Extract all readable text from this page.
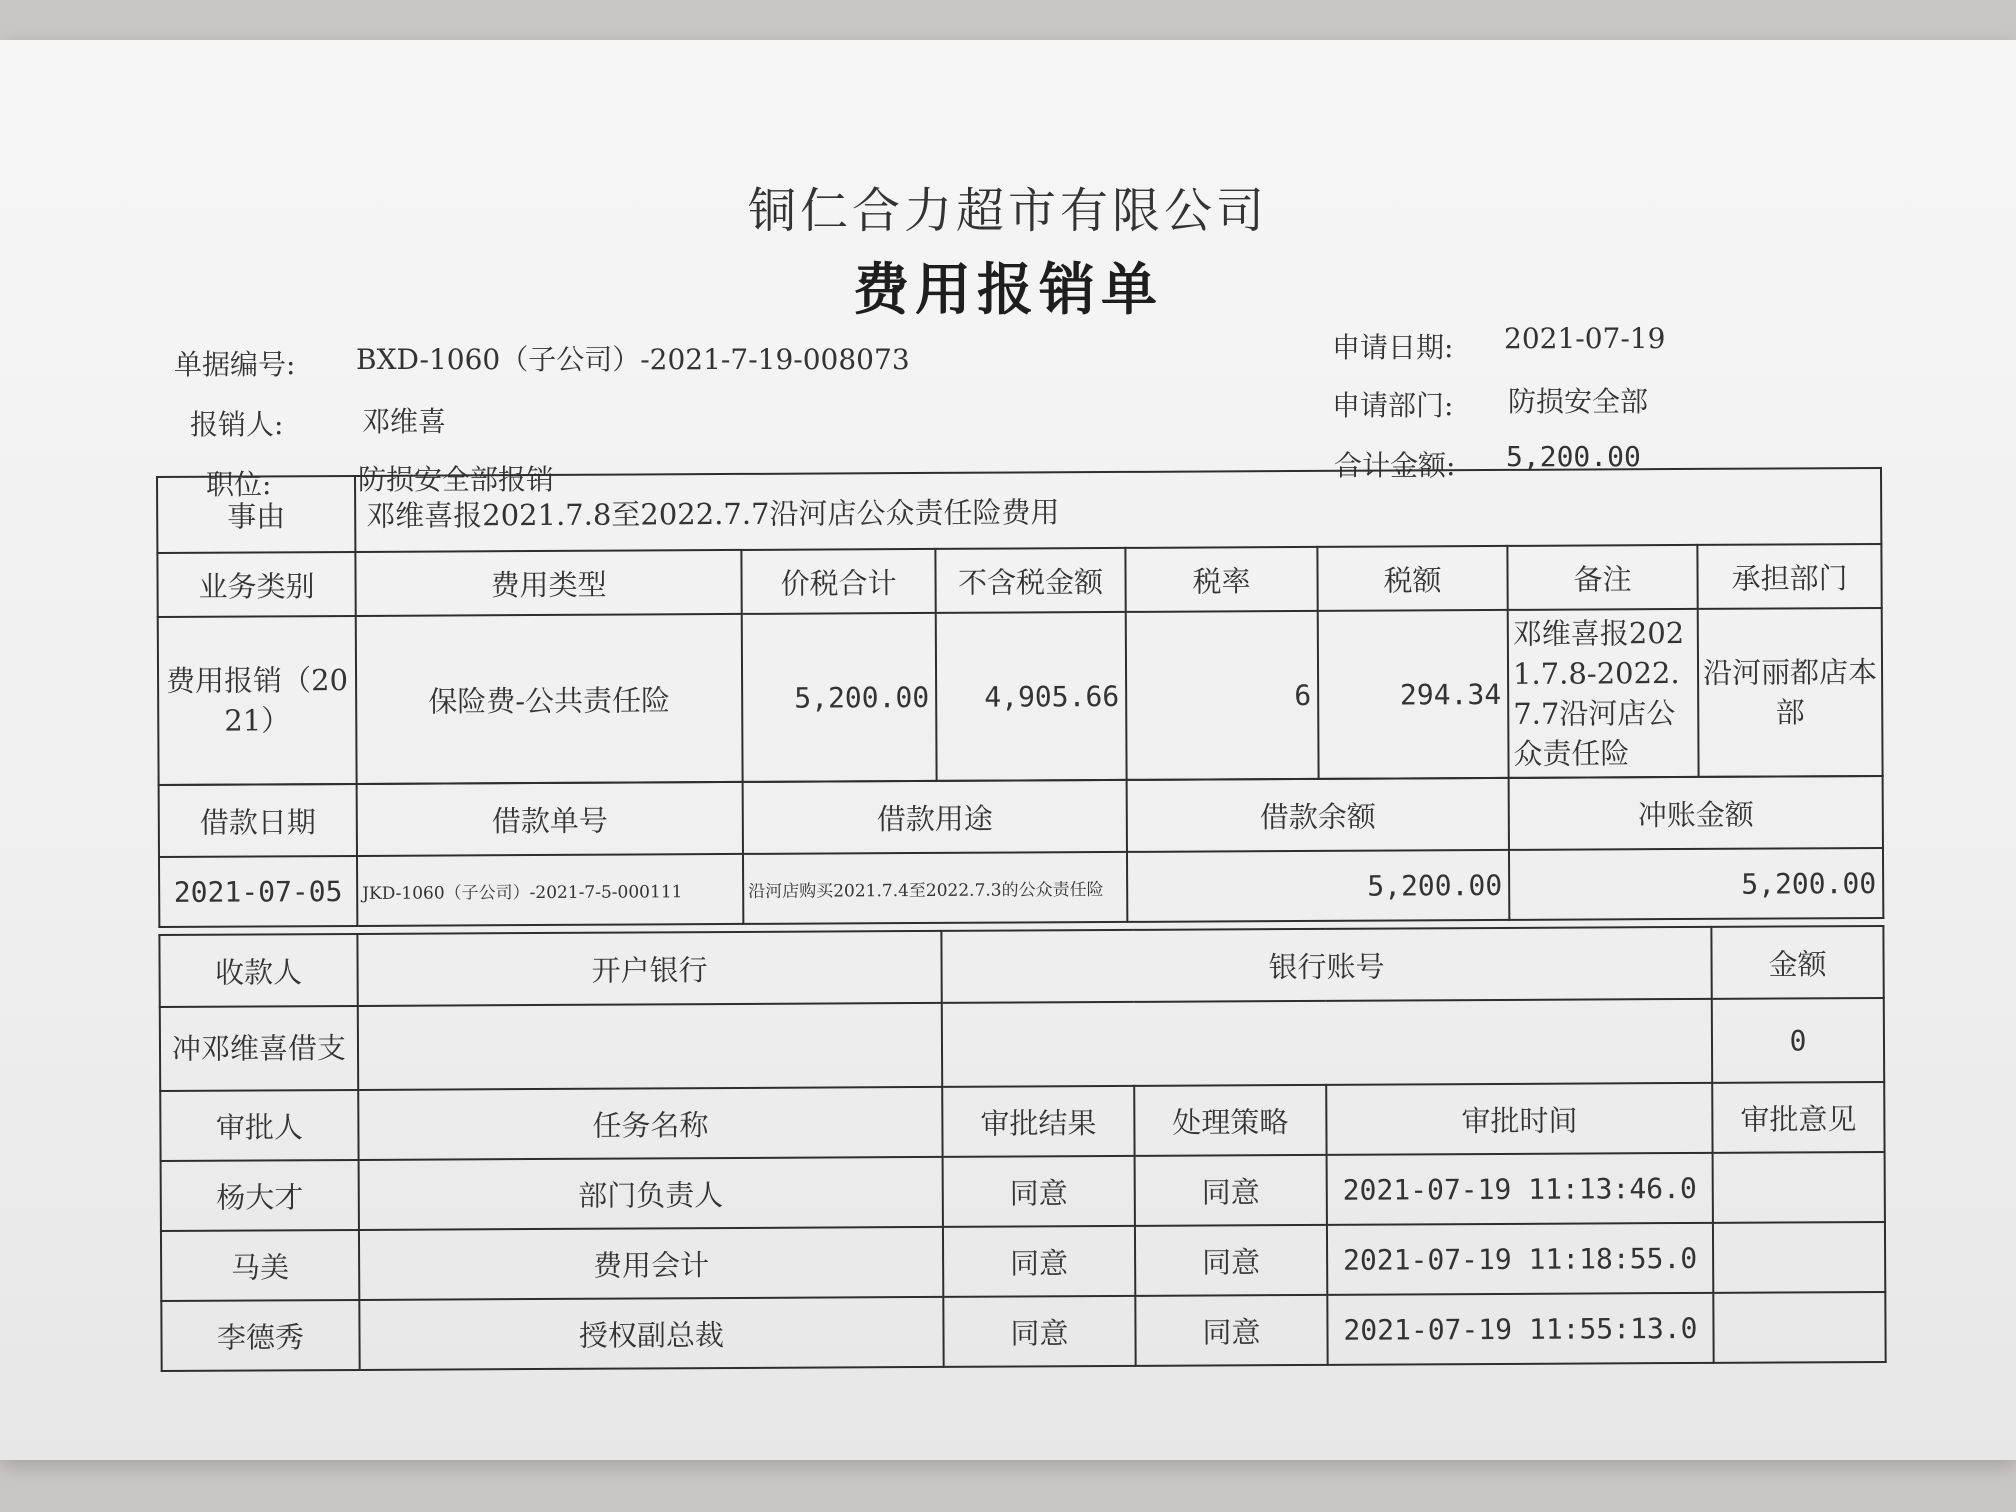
铜仁合力超市有限公司
费用报销单
单据编号: BXD-1060（子公司）-2021-7-19-008073
报销人:	邓维喜
职位:	防损安全部报销
申请日期: 2021-07-19
申请部门: 防损安全部
合计金额: 5,200.00
事由	邓维喜报2021.7.8至2022.7.7沿河店公众责任险费用						
业务类别	费用类型	价税合计	不含税金额	税率	税额	备注	承担部门
费用报销（2021）	保险费-公共责任险	5,200.00	4,905.66	6	294.34	邓维喜报2021.7.8-2022.7.7沿河店公众责任险	沿河丽都店本部
借款日期	借款单号	借款用途	借款余额	冲账金额
2021-07-05	JKD-1060（子公司）-2021-7-5-000111	沿河店购买2021.7.4至2022.7.3的公众责任险	5,200.00	5,200.00
收款人	开户银行	银行账号			金额
冲邓维喜借支					0
审批人	任务名称	审批结果	处理策略	审批时间	审批意见
杨大才	部门负责人	同意	同意	2021-07-19 11:13:46.0	
马美	费用会计	同意	同意	2021-07-19 11:18:55.0	
李德秀	授权副总裁	同意	同意	2021-07-19 11:55:13.0	
